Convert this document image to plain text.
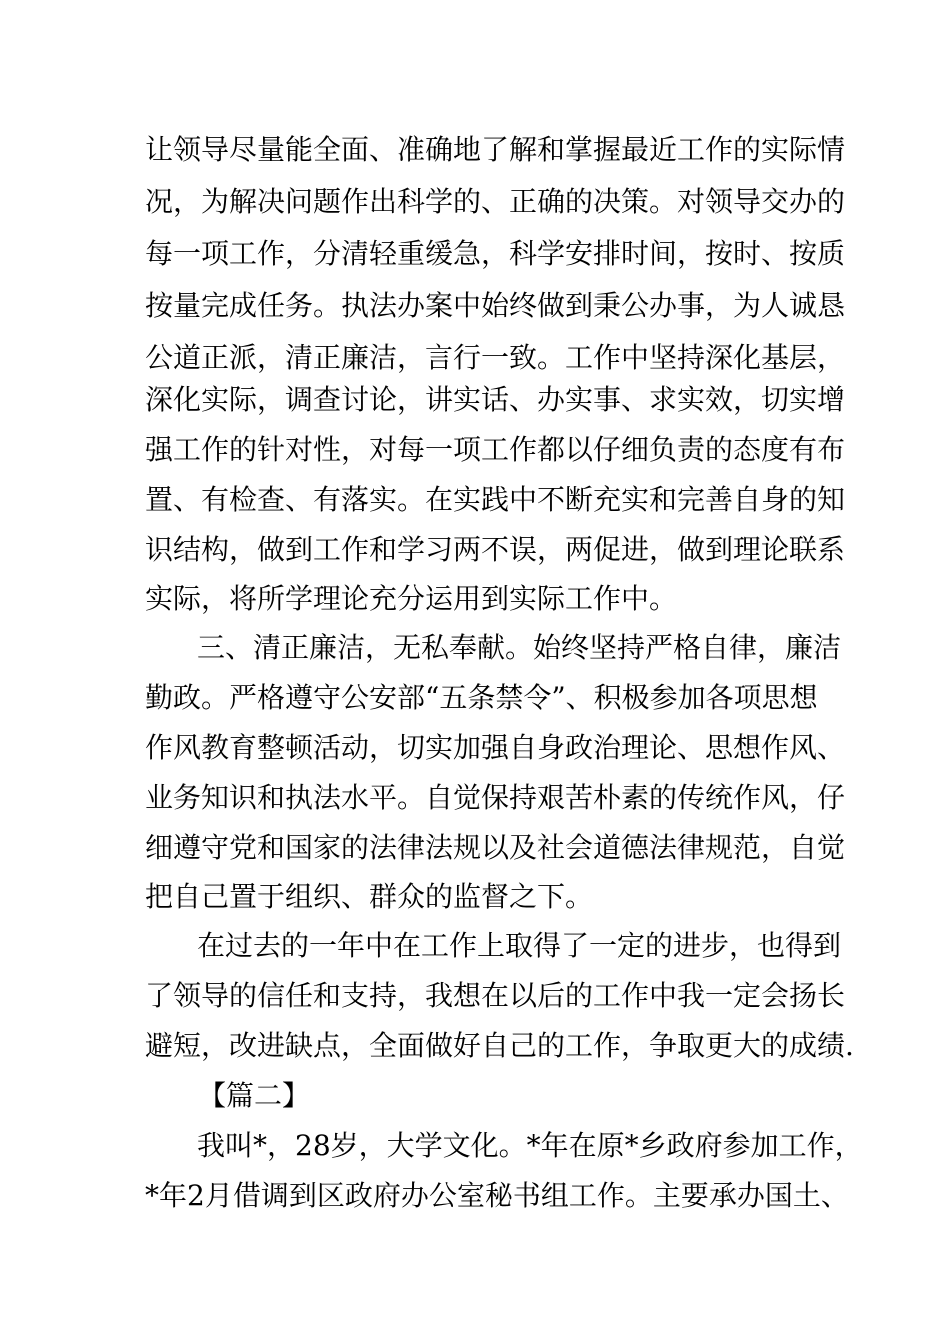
让领导尽量能全面、准确地了解和掌握最近工作的实际情
况，为解决问题作出科学的、正确的决策。对领导交办的
每一项工作，分清轻重缓急，科学安排时间，按时、按质
按量完成任务。执法办案中始终做到秉公办事，为人诚恳
公道正派，清正廉洁，言行一致。工作中坚持深化基层，
深化实际，调查讨论，讲实话、办实事、求实效，切实增
强工作的针对性，对每一项工作都以仔细负责的态度有布
置、有检查、有落实。在实践中不断充实和完善自身的知
识结构，做到工作和学习两不误，两促进，做到理论联系
实际，将所学理论充分运用到实际工作中。
三、清正廉洁，无私奉献。始终坚持严格自律，廉洁
勤政。严格遵守公安部“五条禁令”、积极参加各项思想
作风教育整顿活动，切实加强自身政治理论、思想作风、
业务知识和执法水平。自觉保持艰苦朴素的传统作风，仔
细遵守党和国家的法律法规以及社会道德法律规范，自觉
把自己置于组织、群众的监督之下。
在过去的一年中在工作上取得了一定的进步，也得到
了领导的信任和支持，我想在以后的工作中我一定会扬长
避短，改进缺点，全面做好自己的工作，争取更大的成绩.
【篇二】
我叫*，28岁，大学文化。*年在原*乡政府参加工作，
*年2月借调到区政府办公室秘书组工作。主要承办国土、
